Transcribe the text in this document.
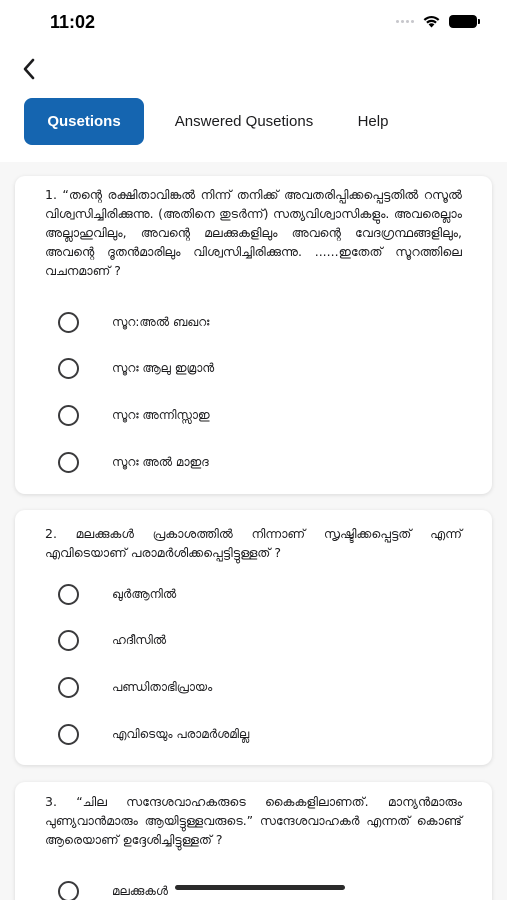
11:02
Qusetions	Answered Qusetions	Help
1. “തന്റെ രക്ഷിതാവിങ്കൽ നിന്ന് തനിക്ക് അവതരിപ്പിക്കപ്പെട്ടതിൽ റസൂൽ വിശ്വസിച്ചിരിക്കുന്നു. (അതിനെ തുടർന്ന്) സത്യവിശ്വാസികളും. അവരെല്ലാം അല്ലാഹുവിലും, അവന്റെ മലക്കുകളിലും അവന്റെ വേദഗ്രന്ഥങ്ങളിലും, അവന്റെ ദൂതൻമാരിലും വിശ്വസിച്ചിരിക്കുന്നു. ......ഇതേത് സൂറത്തിലെ വചനമാണ് ?
സൂറ:അൽ ബഖറഃ
സൂറഃ ആലു ഇമ്രാൻ
സൂറഃ അന്നിസ്സാഇ
സൂറഃ അൽ മാഇദ
2. മലക്കുകൾ പ്രകാശത്തിൽ നിന്നാണ് സൃഷ്ടിക്കപ്പെട്ടത് എന്ന് എവിടെയാണ് പരാമർശിക്കപ്പെട്ടിട്ടുള്ളത് ?
ഖുർആനിൽ
ഹദീസിൽ
പണ്ഡിതാഭിപ്രായം
എവിടെയും പരാമർശമില്ല
3. “ചില സന്ദേശവാഹകരുടെ കൈകളിലാണത്. മാന്യൻമാരും പുണ്യവാൻമാരും ആയിട്ടുള്ളവരുടെ.” സന്ദേശവാഹകർ എന്നത് കൊണ്ട് ആരെയാണ് ഉദ്ദേശിച്ചിട്ടുള്ളത് ?
മലക്കുകൾ
